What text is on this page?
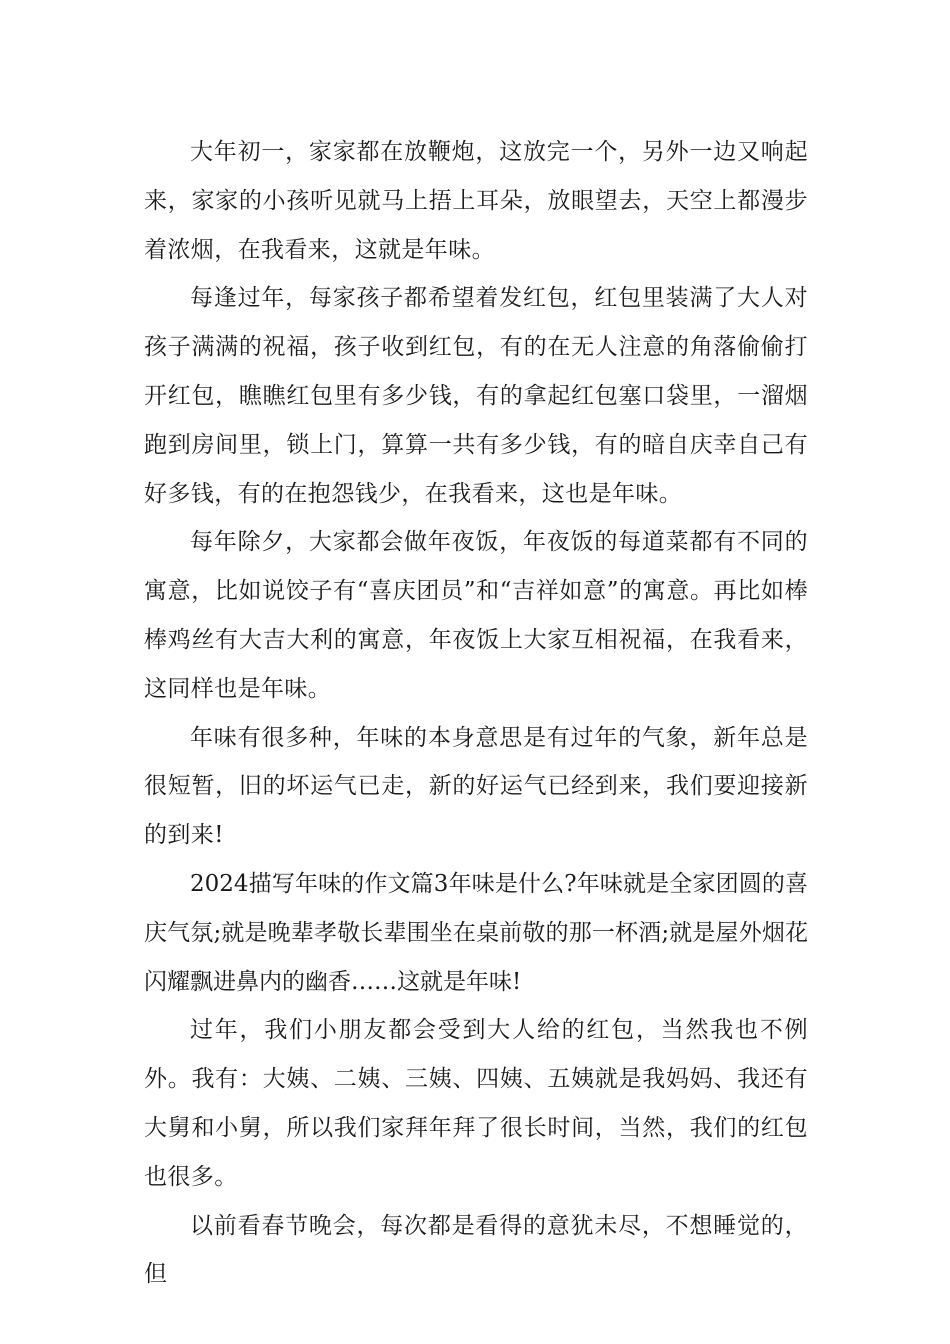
大年初一，家家都在放鞭炮，这放完一个，另外一边又响起来，家家的小孩听见就马上捂上耳朵，放眼望去，天空上都漫步着浓烟，在我看来，这就是年味。

每逢过年，每家孩子都希望着发红包，红包里装满了大人对孩子满满的祝福，孩子收到红包，有的在无人注意的角落偷偷打开红包，瞧瞧红包里有多少钱，有的拿起红包塞口袋里，一溜烟跑到房间里，锁上门，算算一共有多少钱，有的暗自庆幸自己有好多钱，有的在抱怨钱少，在我看来，这也是年味。

每年除夕，大家都会做年夜饭，年夜饭的每道菜都有不同的寓意，比如说饺子有“喜庆团员”和“吉祥如意”的寓意。再比如棒棒鸡丝有大吉大利的寓意，年夜饭上大家互相祝福，在我看来，这同样也是年味。

年味有很多种，年味的本身意思是有过年的气象，新年总是很短暂，旧的坏运气已走，新的好运气已经到来，我们要迎接新的到来!

2024描写年味的作文篇3年味是什么?年味就是全家团圆的喜庆气氛;就是晚辈孝敬长辈围坐在桌前敬的那一杯酒;就是屋外烟花闪耀飘进鼻内的幽香……这就是年味!

过年，我们小朋友都会受到大人给的红包，当然我也不例外。我有：大姨、二姨、三姨、四姨、五姨就是我妈妈、我还有大舅和小舅，所以我们家拜年拜了很长时间，当然，我们的红包也很多。

以前看春节晚会，每次都是看得的意犹未尽，不想睡觉的，但
